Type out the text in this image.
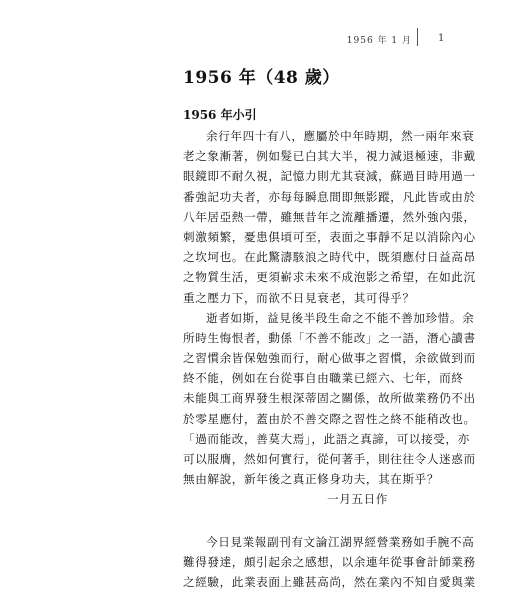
1956 年 1 月	1
1956 年（48 歲）
1956 年小引
余行年四十有八，應屬於中年時期，然一兩年來衰
老之象漸著，例如髮已白其大半，視力減退極速，非戴
眼鏡即不耐久視，記憶力則尤其衰減，蘇過目時用過一
番強記功夫者，亦每每瞬息間即無影蹤，凡此皆或由於
八年居亞熱一帶，雖無昔年之流離播遷，然外強內張，
刺激頻繁，憂患俱頃可至，表面之事靜不足以消除內心
之坎坷也。在此驚濤駭浪之時代中，既須應付日益高昂
之物質生活，更須嶄求未來不成泡影之希望，在如此沉
重之壓力下，而欲不日見衰老，其可得乎？
逝者如斯，益見後半段生命之不能不善加珍惜。余
所時生悔恨者，動係「不善不能改」之一語，潛心讀書
之習慣余皆保勉強而行，耐心做事之習慣，余欲做到而
終不能，例如在台從事自由職業已經六、七年，而終
未能與工商界發生根深蒂固之關係，故所做業務仍不出
於零星應付，蓋由於不善交際之習性之終不能稍改也。
「過而能改，善莫大焉」，此語之真諦，可以接受，亦
可以服膺，然如何實行，從何著手，則往往令人迷惑而
無由解說，新年後之真正修身功夫，其在斯乎？
一月五日作
今日見業報副刊有文論江湖界經營業務如手腕不高
難得發達，頗引起余之感想，以余連年從事會計師業務
之經驗，此業表面上雖甚高尚，然在業內不知自愛與業
